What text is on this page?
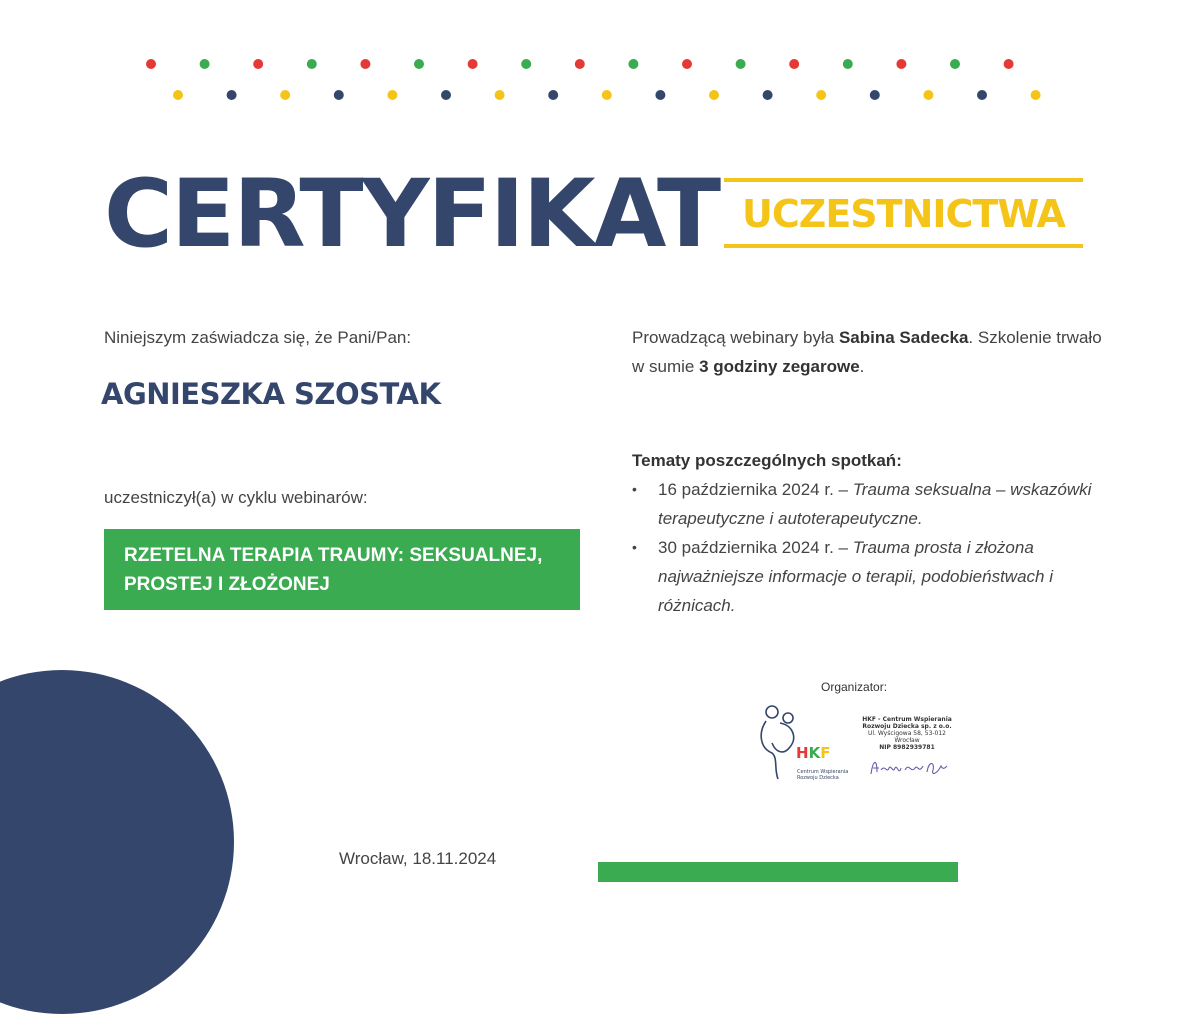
CERTYFIKAT UCZESTNICTWA
Niniejszym zaświadcza się, że Pani/Pan:
AGNIESZKA SZOSTAK
uczestniczył(a) w cyklu webinarów:
RZETELNA TERAPIA TRAUMY: SEKSUALNEJ,
PROSTEJ I ZŁOŻONEJ
Prowadzącą webinary była Sabina Sadecka. Szkolenie trwało w sumie 3 godziny zegarowe.
Tematy poszczególnych spotkań:
• 16 października 2024 r. – Trauma seksualna – wskazówki terapeutyczne i autoterapeutyczne.
• 30 października 2024 r. – Trauma prosta i złożona najważniejsze informacje o terapii, podobieństwach i różnicach.
Organizator:
HKF
Centrum Wspierania
Rozwoju Dziecka
HKF - Centrum Wspierania
Rozwoju Dziecka sp. z o.o.
Ul. Wyścigowa 58, 53-012 Wrocław
NIP 8982939781
Wrocław, 18.11.2024
